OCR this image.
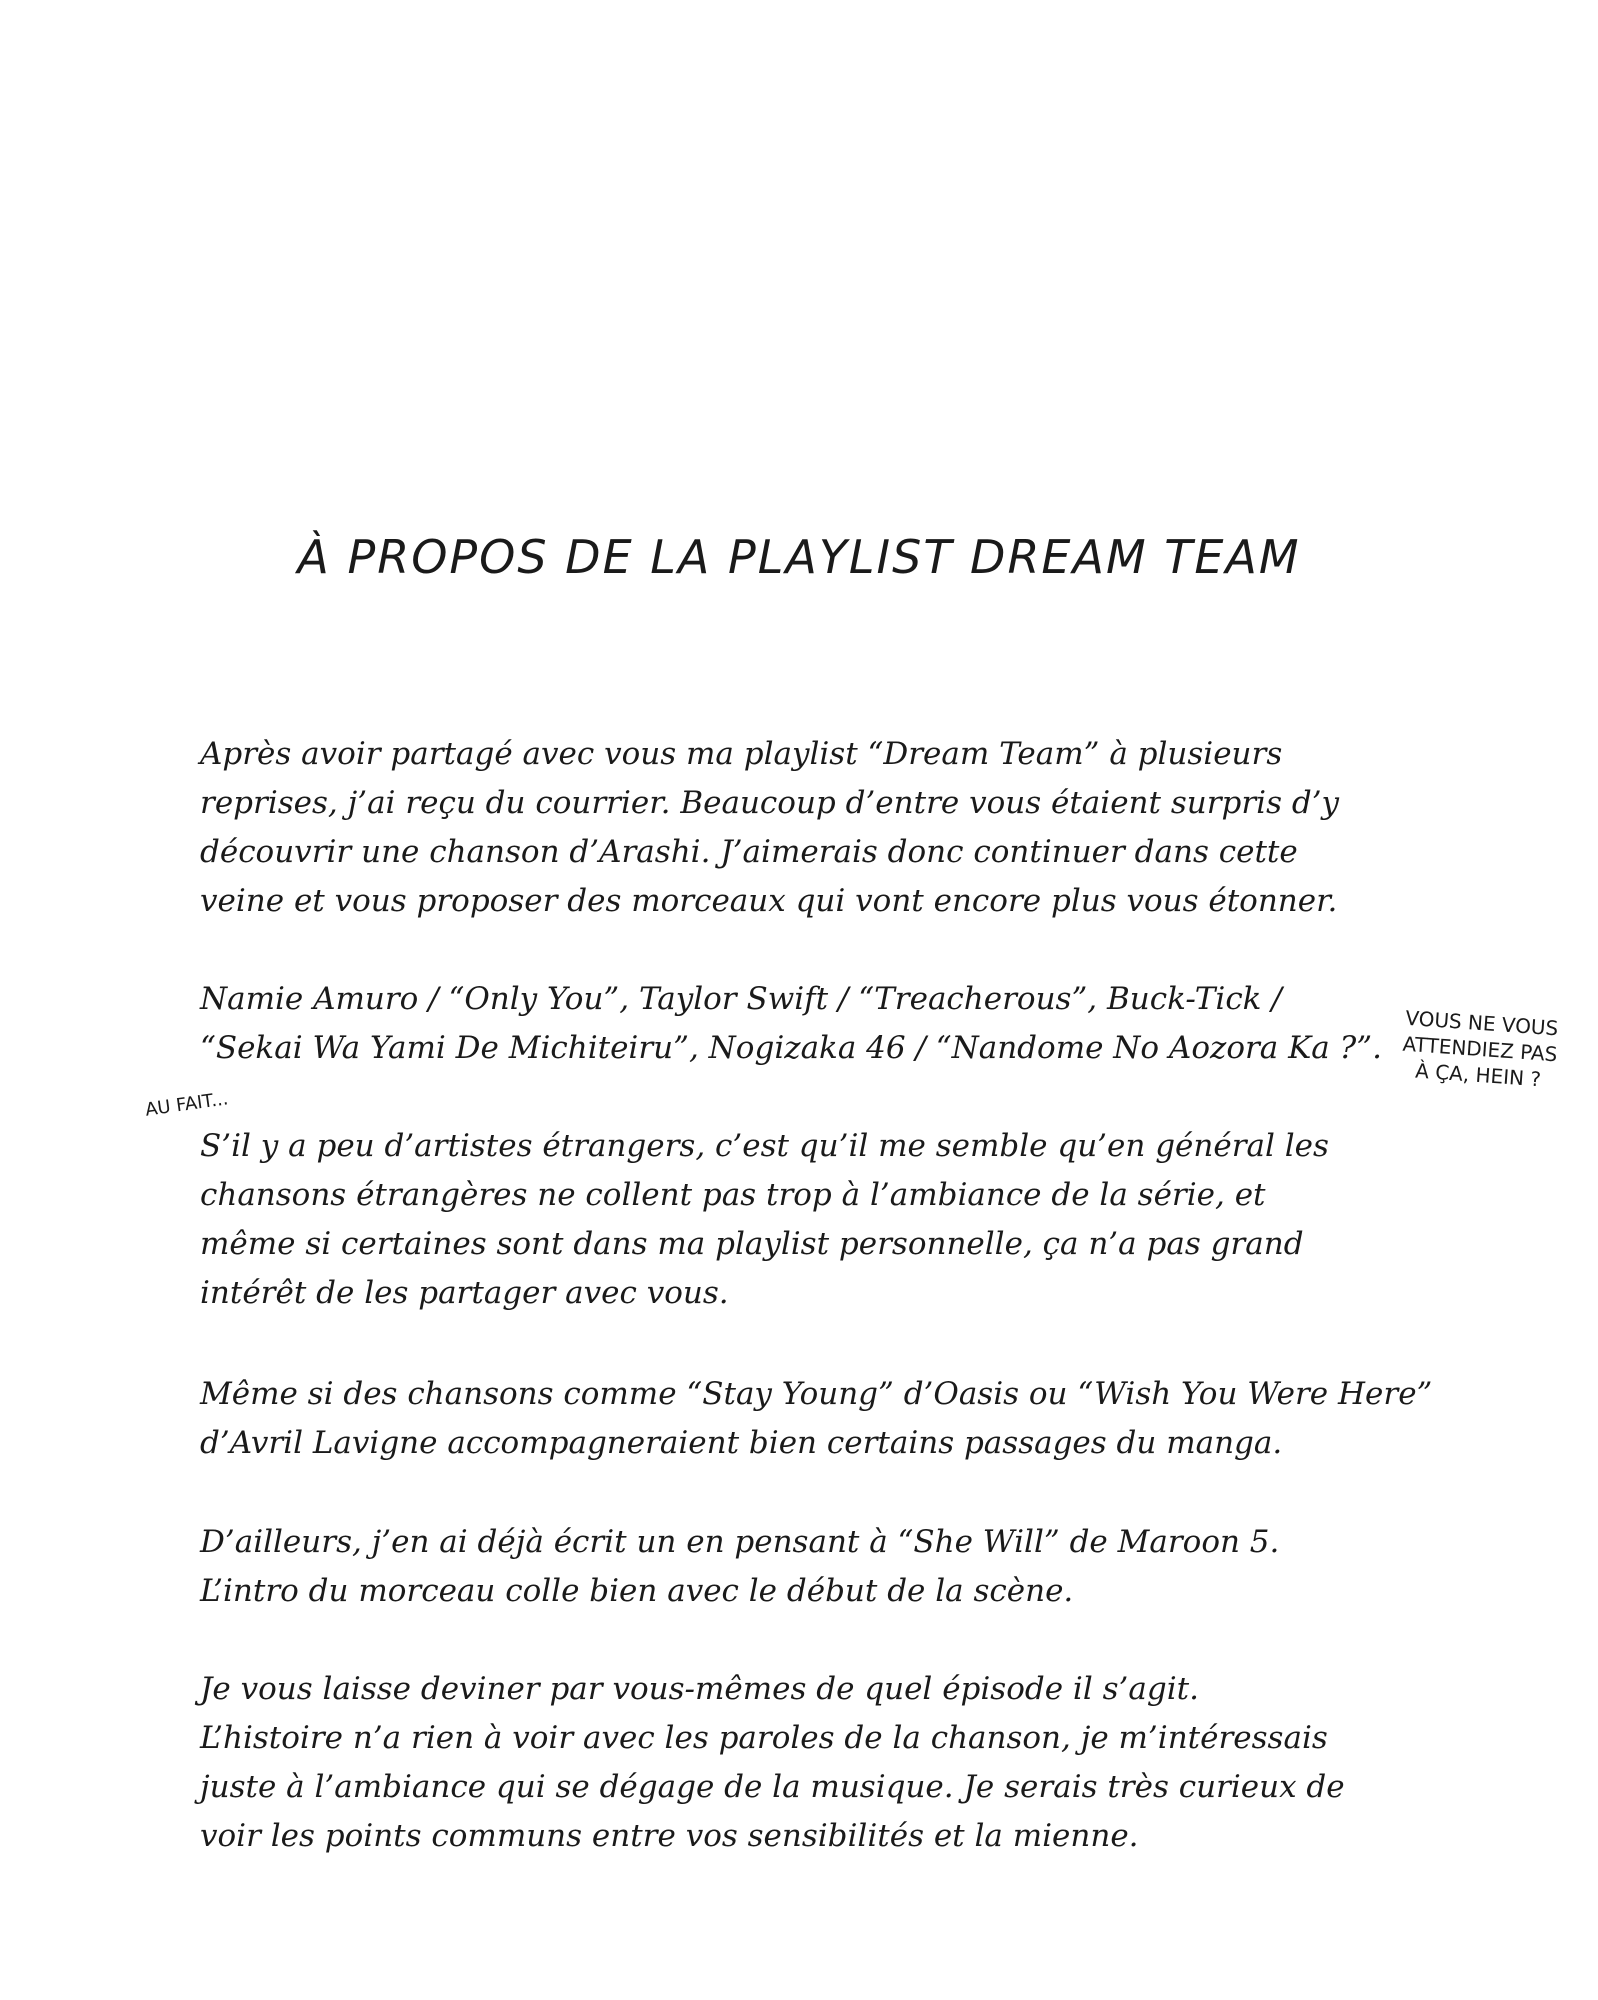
À PROPOS DE LA PLAYLIST DREAM TEAM

Après avoir partagé avec vous ma playlist “Dream Team” à plusieurs
reprises, j’ai reçu du courrier. Beaucoup d’entre vous étaient surpris d’y
découvrir une chanson d’Arashi. J’aimerais donc continuer dans cette
veine et vous proposer des morceaux qui vont encore plus vous étonner.

Namie Amuro / “Only You”, Taylor Swift / “Treacherous”, Buck-Tick /
“Sekai Wa Yami De Michiteiru”, Nogizaka 46 / “Nandome No Aozora Ka ?”.

VOUS NE VOUS
ATTENDIEZ PAS
À ÇA, HEIN ?
AU FAIT...

S’il y a peu d’artistes étrangers, c’est qu’il me semble qu’en général les
chansons étrangères ne collent pas trop à l’ambiance de la série, et
même si certaines sont dans ma playlist personnelle, ça n’a pas grand
intérêt de les partager avec vous.

Même si des chansons comme “Stay Young” d’Oasis ou “Wish You Were Here”
d’Avril Lavigne accompagneraient bien certains passages du manga.

D’ailleurs, j’en ai déjà écrit un en pensant à “She Will” de Maroon 5.
L’intro du morceau colle bien avec le début de la scène.

Je vous laisse deviner par vous-mêmes de quel épisode il s’agit.
L’histoire n’a rien à voir avec les paroles de la chanson, je m’intéressais
juste à l’ambiance qui se dégage de la musique. Je serais très curieux de
voir les points communs entre vos sensibilités et la mienne.
